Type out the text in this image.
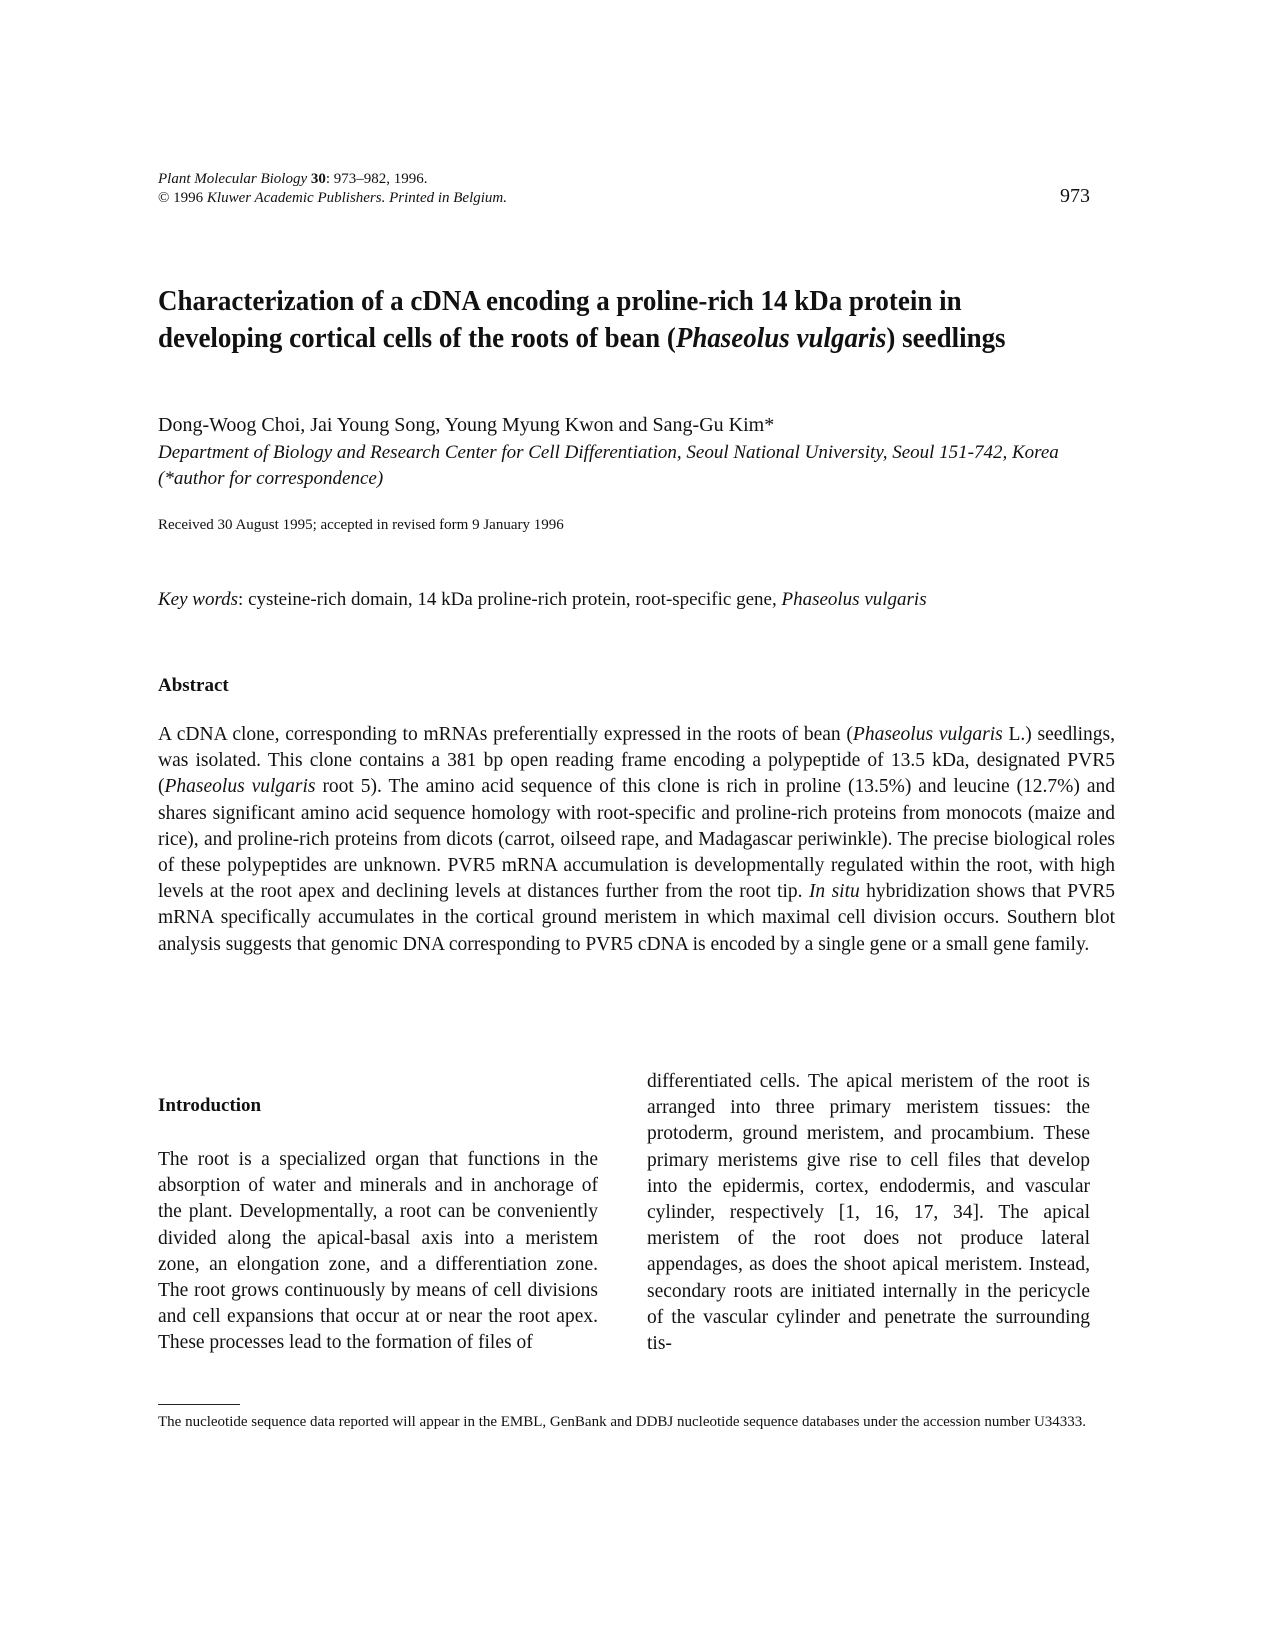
Plant Molecular Biology 30: 973–982, 1996.
© 1996 Kluwer Academic Publishers. Printed in Belgium.	973
Characterization of a cDNA encoding a proline-rich 14 kDa protein in developing cortical cells of the roots of bean (Phaseolus vulgaris) seedlings
Dong-Woog Choi, Jai Young Song, Young Myung Kwon and Sang-Gu Kim*
Department of Biology and Research Center for Cell Differentiation, Seoul National University, Seoul 151-742, Korea (*author for correspondence)
Received 30 August 1995; accepted in revised form 9 January 1996
Key words: cysteine-rich domain, 14 kDa proline-rich protein, root-specific gene, Phaseolus vulgaris
Abstract

A cDNA clone, corresponding to mRNAs preferentially expressed in the roots of bean (Phaseolus vulgaris L.) seedlings, was isolated. This clone contains a 381 bp open reading frame encoding a polypeptide of 13.5 kDa, designated PVR5 (Phaseolus vulgaris root 5). The amino acid sequence of this clone is rich in proline (13.5%) and leucine (12.7%) and shares significant amino acid sequence homology with root-specific and proline-rich proteins from monocots (maize and rice), and proline-rich proteins from dicots (carrot, oilseed rape, and Madagascar periwinkle). The precise biological roles of these polypeptides are unknown. PVR5 mRNA accumulation is developmentally regulated within the root, with high levels at the root apex and declining levels at distances further from the root tip. In situ hybridization shows that PVR5 mRNA specifically accumulates in the cortical ground meristem in which maximal cell division occurs. Southern blot analysis suggests that genomic DNA corresponding to PVR5 cDNA is encoded by a single gene or a small gene family.

Introduction

The root is a specialized organ that functions in the absorption of water and minerals and in anchorage of the plant. Developmentally, a root can be conveniently divided along the apical-basal axis into a meristem zone, an elongation zone, and a differentiation zone. The root grows continuously by means of cell divisions and cell expansions that occur at or near the root apex. These processes lead to the formation of files of

differentiated cells. The apical meristem of the root is arranged into three primary meristem tissues: the protoderm, ground meristem, and procambium. These primary meristems give rise to cell files that develop into the epidermis, cortex, endodermis, and vascular cylinder, respectively [1, 16, 17, 34]. The apical meristem of the root does not produce lateral appendages, as does the shoot apical meristem. Instead, secondary roots are initiated internally in the pericycle of the vascular cylinder and penetrate the surrounding tis-

The nucleotide sequence data reported will appear in the EMBL, GenBank and DDBJ nucleotide sequence databases under the accession number U34333.
